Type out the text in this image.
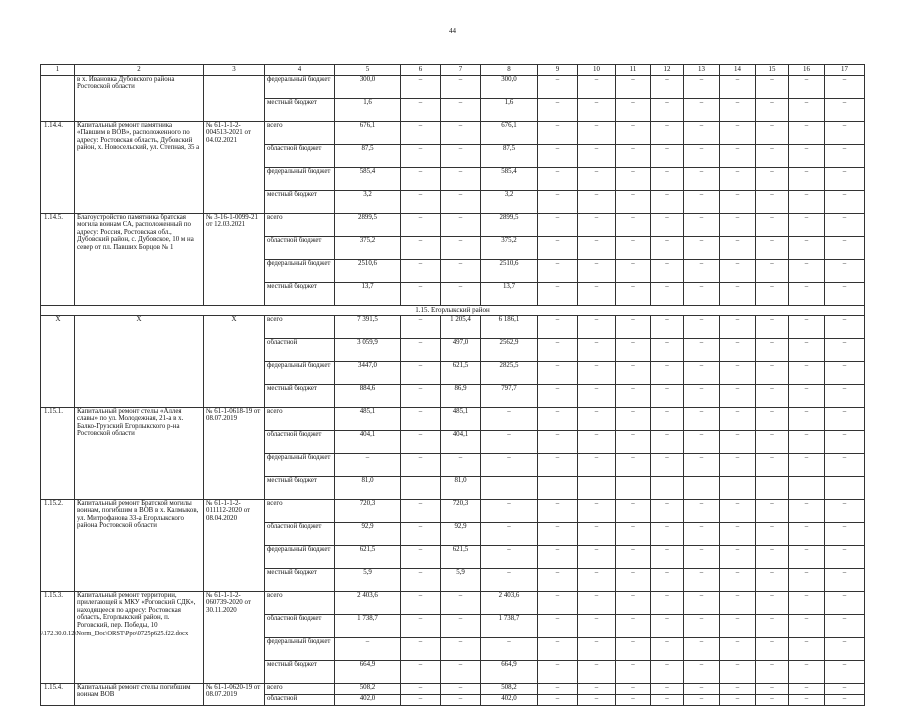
44
1	2	3	4	5	6	7	8	9	10	11	12	13	14	15	16	17
	в х. Ивановка Дубовского района Ростовской области		федеральный бюджет	300,0	–	–	300,0	–	–	–	–	–	–	–	–	–
			местный бюджет	1,6	–	–	1,6	–	–	–	–	–	–	–	–	–
1.14.4.	Капитальный ремонт памятника «Павшим в ВОВ», расположенного по адресу: Ростовская область, Дубовский район, х. Новосельский, ул. Степная, 35 а	№ 61-1-1-2-004513-2021 от 04.02.2021	всего	676,1	–	–	676,1	–	–	–	–	–	–	–	–	–
			областной бюджет	87,5	–	–	87,5	–	–	–	–	–	–	–	–	–
			федеральный бюджет	585,4	–	–	585,4	–	–	–	–	–	–	–	–	–
			местный бюджет	3,2	–	–	3,2	–	–	–	–	–	–	–	–	–
1.14.5.	Благоустройство памятника братская могила воинам СА, расположенный по адресу: Россия, Ростовская обл., Дубовский район, с. Дубовское, 10 м на север от пл. Павших Борцов № 1	№ 3-16-1-0099-21 от 12.03.2021	всего	2899,5	–	–	2899,5	–	–	–	–	–	–	–	–	–
			областной бюджет	375,2	–	–	375,2	–	–	–	–	–	–	–	–	–
			федеральный бюджет	2510,6	–	–	2510,6	–	–	–	–	–	–	–	–	–
			местный бюджет	13,7	–	–	13,7	–	–	–	–	–	–	–	–	–
1.15. Егорлыкский район																
Х	Х	Х	всего	7 391,5	–	1 205,4	6 186,1	–	–	–	–	–	–	–	–	–
			областной	3 059,9	–	497,0	2562,9	–	–	–	–	–	–	–	–	–
			федеральный бюджет	3447,0	–	621,5	2825,5	–	–	–	–	–	–	–	–	–
			местный бюджет	884,6	–	86,9	797,7	–	–	–	–	–	–	–	–	–
1.15.1.	Капитальный ремонт стелы «Аллея славы» по ул. Молодежная, 21-а в х. Балко-Грузский Егорлыкского р-на Ростовской области	№ 61-1-0618-19 от 08.07.2019	всего	485,1	–	485,1	–	–	–	–	–	–	–	–	–	–
			областной бюджет	404,1	–	404,1	–	–	–	–	–	–	–	–	–	–
			федеральный бюджет	–	–	–	–	–	–	–	–	–	–	–	–	–
			местный бюджет	81,0		81,0										
1.15.2.	Капитальный ремонт Братской могилы воинам, погибшим в ВОВ в х. Калмыков, ул. Митрофанова 33-а Егорлыкского района Ростовской области	№ 61-1-1-2-011112-2020 от 08.04.2020	всего	720,3	–	720,3	–	–	–	–	–	–	–	–	–	–
			областной бюджет	92,9	–	92,9	–	–	–	–	–	–	–	–	–	–
			федеральный бюджет	621,5	–	621,5	–	–	–	–	–	–	–	–	–	–
			местный бюджет	5,9	–	5,9	–	–	–	–	–	–	–	–	–	–
1.15.3.	Капитальный ремонт территории, прилегающей к МКУ «Роговский СДК», находящееся по адресу: Ростовская область, Егорлыкский район, п. Роговский, пер. Победы, 10	№ 61-1-1-2-060739-2020 от 30.11.2020	всего	2 403,6	–	–	2 403,6	–	–	–	–	–	–	–	–	–
			областной бюджет	1 738,7	–	–	1 738,7	–	–	–	–	–	–	–	–	–
			федеральный бюджет	–	–	–	–	–	–	–	–	–	–	–	–	–
			местный бюджет	664,9	–	–	664,9	–	–	–	–	–	–	–	–	–
1.15.4.	Капитальный ремонт стелы погибшим воинам ВОВ	№ 61-1-0620-19 от 08.07.2019	всего	508,2	–	–	508,2	–	–	–	–	–	–	–	–	–
			областной	402,0	–	–	402,0	–	–	–	–	–	–	–	–	–
\\172.30.0.12\Norm_Doc\ORST\Ppo\0725p625.f22.docx
